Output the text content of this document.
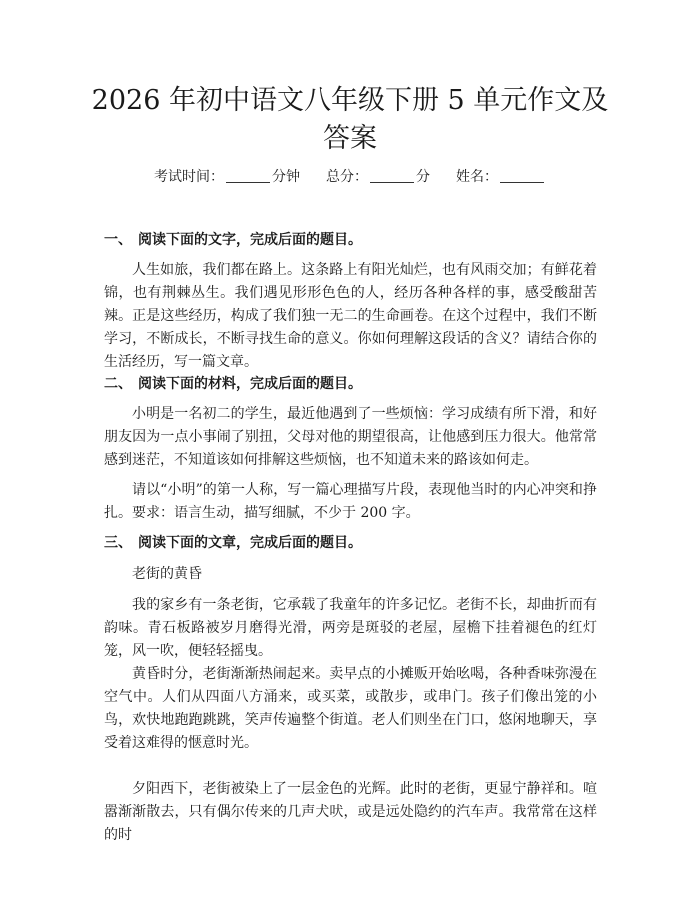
2026 年初中语文八年级下册 5 单元作文及答案
考试时间：	分钟 总分：	分 姓名：
一、 阅读下面的文字，完成后面的题目。

人生如旅，我们都在路上。这条路上有阳光灿烂，也有风雨交加；有鲜花着锦，也有荆棘丛生。我们遇见形形色色的人，经历各种各样的事，感受酸甜苦辣。正是这些经历，构成了我们独一无二的生命画卷。在这个过程中，我们不断学习，不断成长，不断寻找生命的意义。你如何理解这段话的含义？请结合你的生活经历，写一篇文章。

二、 阅读下面的材料，完成后面的题目。

小明是一名初二的学生，最近他遇到了一些烦恼：学习成绩有所下滑，和好朋友因为一点小事闹了别扭，父母对他的期望很高，让他感到压力很大。他常常感到迷茫，不知道该如何排解这些烦恼，也不知道未来的路该如何走。

请以“小明”的第一人称，写一篇心理描写片段，表现他当时的内心冲突和挣扎。要求：语言生动，描写细腻，不少于 200 字。

三、 阅读下面的文章，完成后面的题目。

老街的黄昏

我的家乡有一条老街，它承载了我童年的许多记忆。老街不长，却曲折而有韵味。青石板路被岁月磨得光滑，两旁是斑驳的老屋，屋檐下挂着褪色的红灯笼，风一吹，便轻轻摇曳。

黄昏时分，老街渐渐热闹起来。卖早点的小摊贩开始吆喝，各种香味弥漫在空气中。人们从四面八方涌来，或买菜，或散步，或串门。孩子们像出笼的小鸟，欢快地跑跑跳跳，笑声传遍整个街道。老人们则坐在门口，悠闲地聊天，享受着这难得的惬意时光。

夕阳西下，老街被染上了一层金色的光辉。此时的老街，更显宁静祥和。喧嚣渐渐散去，只有偶尔传来的几声犬吠，或是远处隐约的汽车声。我常常在这样的时
